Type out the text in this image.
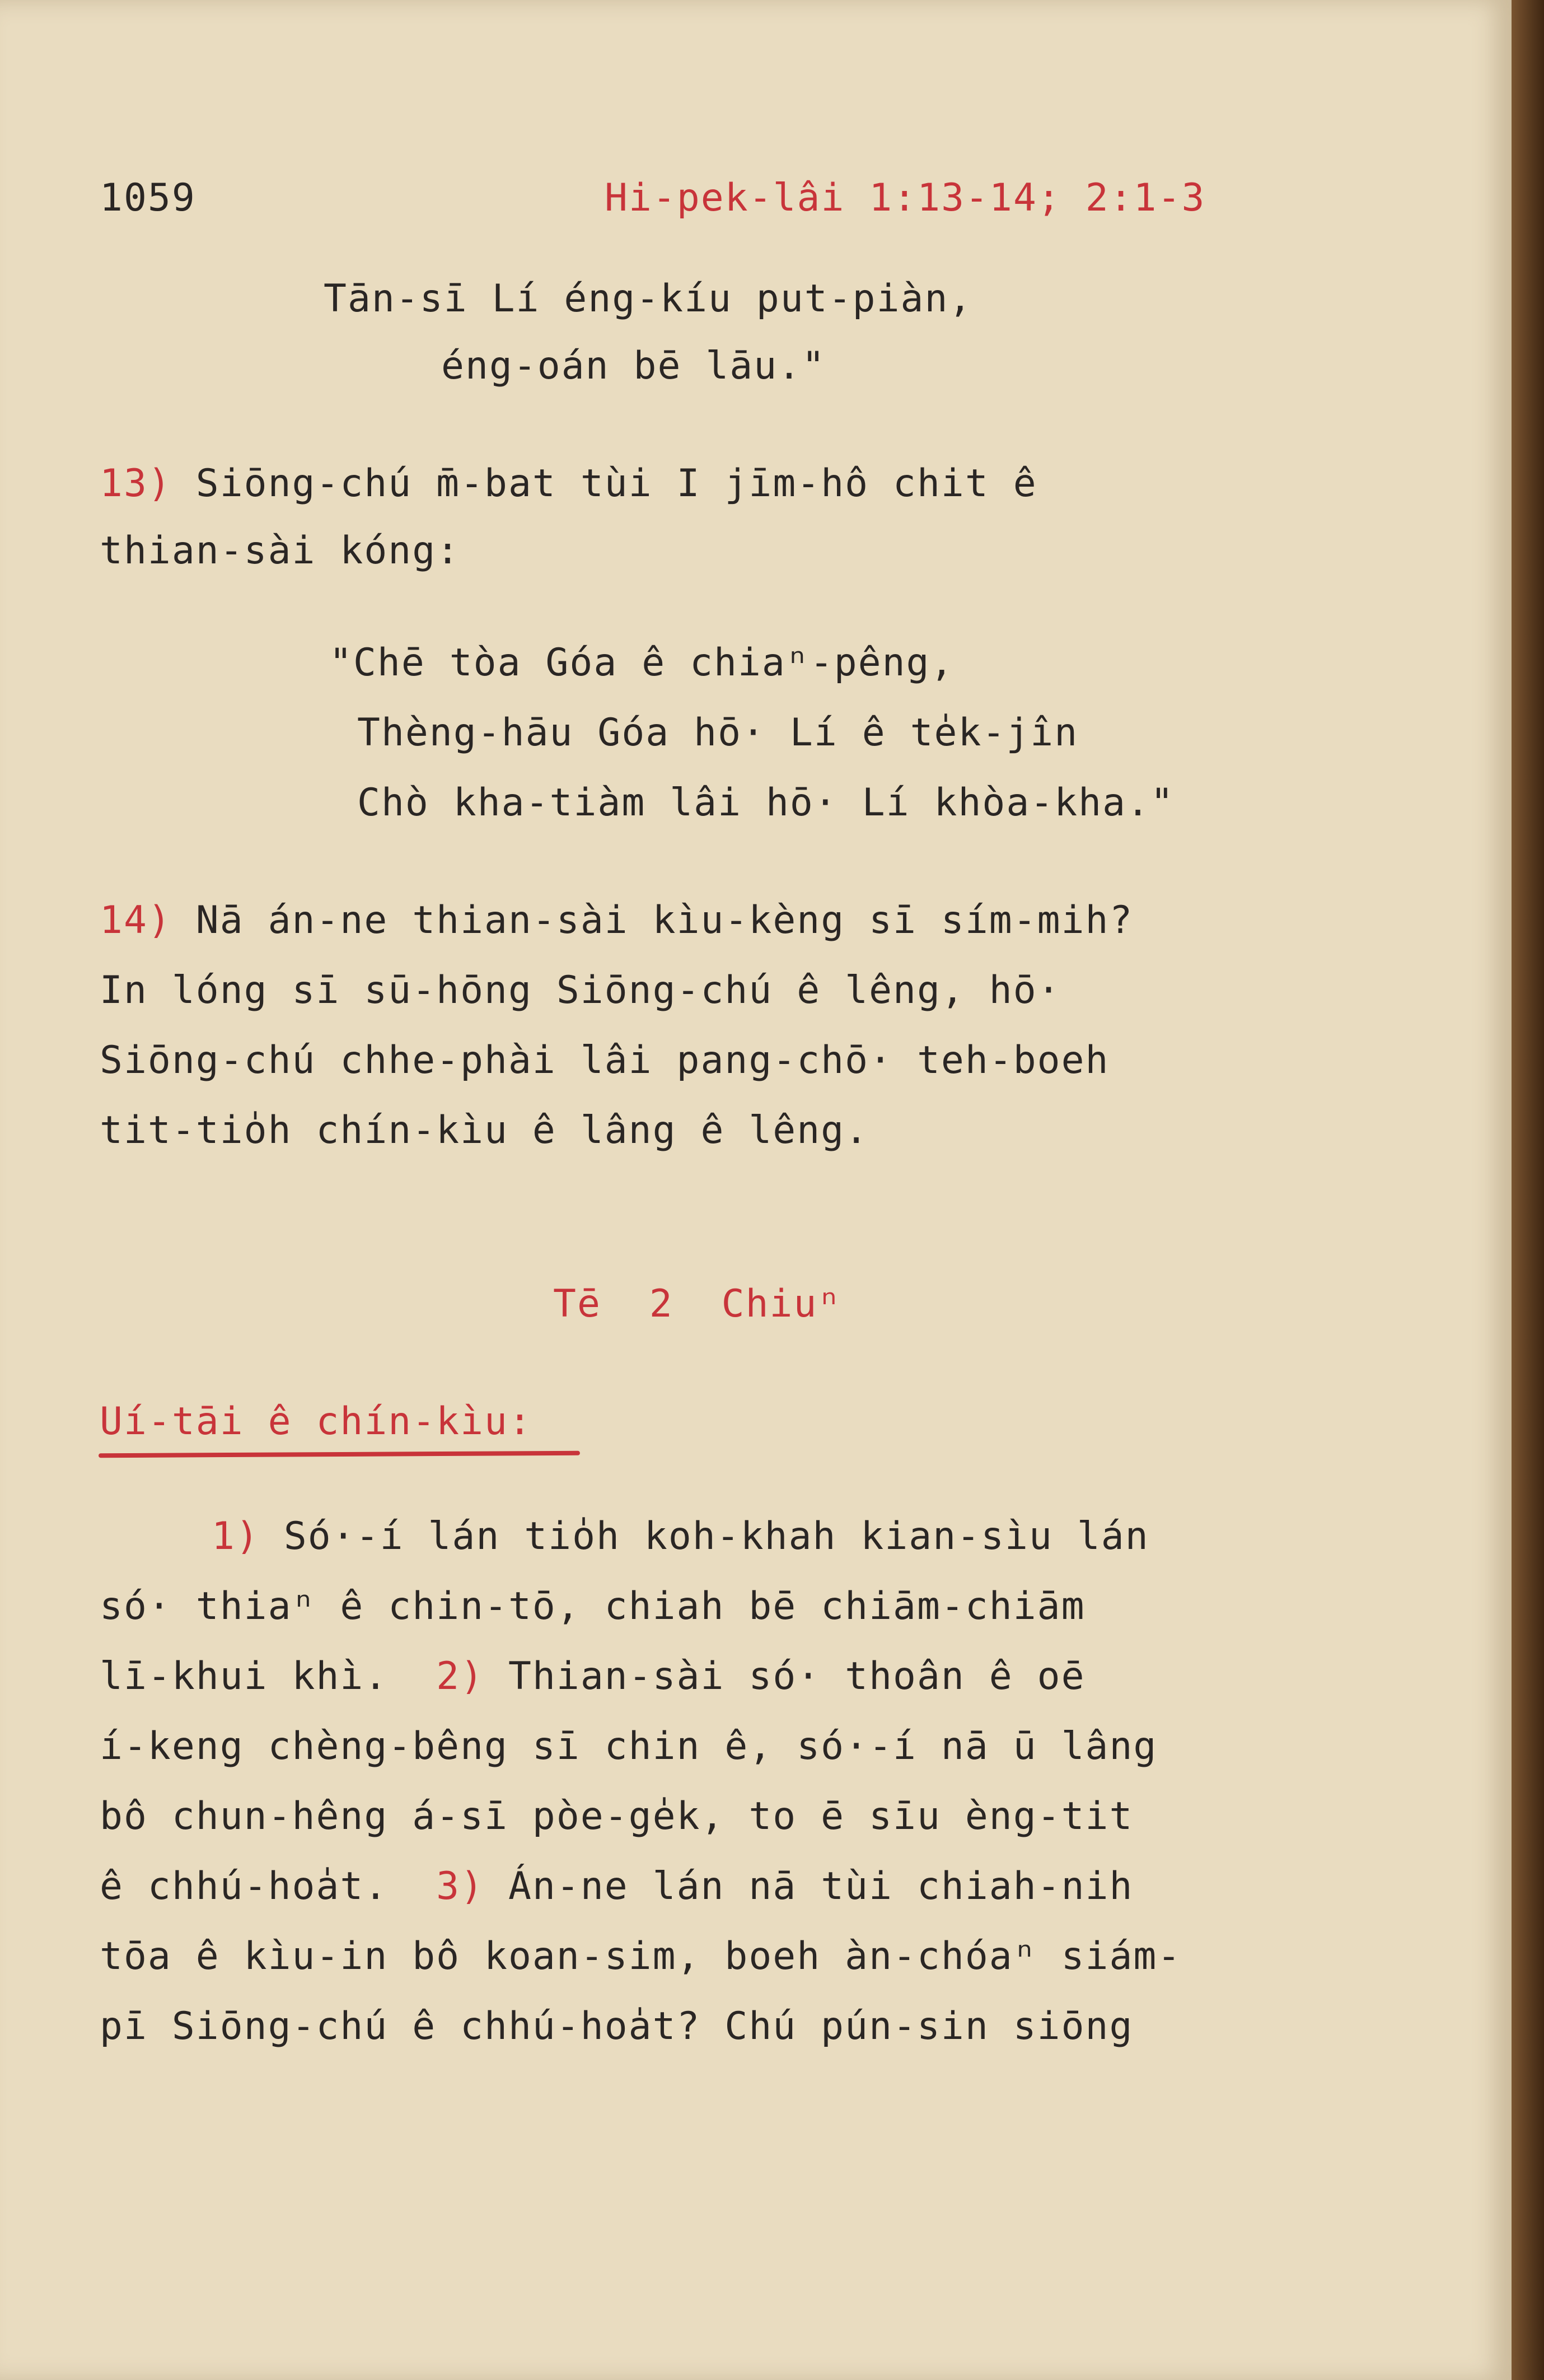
1059	Hi-pek-lâi 1:13-14; 2:1-3
Tān-sī Lí éng-kíu put-piàn,
éng-oán bē lāu."
13) Siōng-chú m̄-bat tùi I jīm-hô chit ê
thian-sài kóng:
"Chē tòa Góa ê chiaⁿ-pêng,
Thèng-hāu Góa hō· Lí ê te̍k-jîn
Chò kha-tiàm lâi hō· Lí khòa-kha."
14) Nā án-ne thian-sài kìu-kèng sī sím-mih?
In lóng sī sū-hōng Siōng-chú ê lêng, hō·
Siōng-chú chhe-phài lâi pang-chō· teh-boeh
tit-tio̍h chín-kìu ê lâng ê lêng.
Tē 2 Chiuⁿ
Uí-tāi ê chín-kìu:
1) Só·-í lán tio̍h koh-khah kian-sìu lán
só· thiaⁿ ê chin-tō, chiah bē chiām-chiām
lī-khui khì. 2) Thian-sài só· thoân ê oē
í-keng chèng-bêng sī chin ê, só·-í nā ū lâng
bô chun-hêng á-sī pòe-ge̍k, to ē sīu èng-tit
ê chhú-hoa̍t. 3) Án-ne lán nā tùi chiah-nih
tōa ê kìu-in bô koan-sim, boeh àn-chóaⁿ siám-
pī Siōng-chú ê chhú-hoa̍t? Chú pún-sin siōng
